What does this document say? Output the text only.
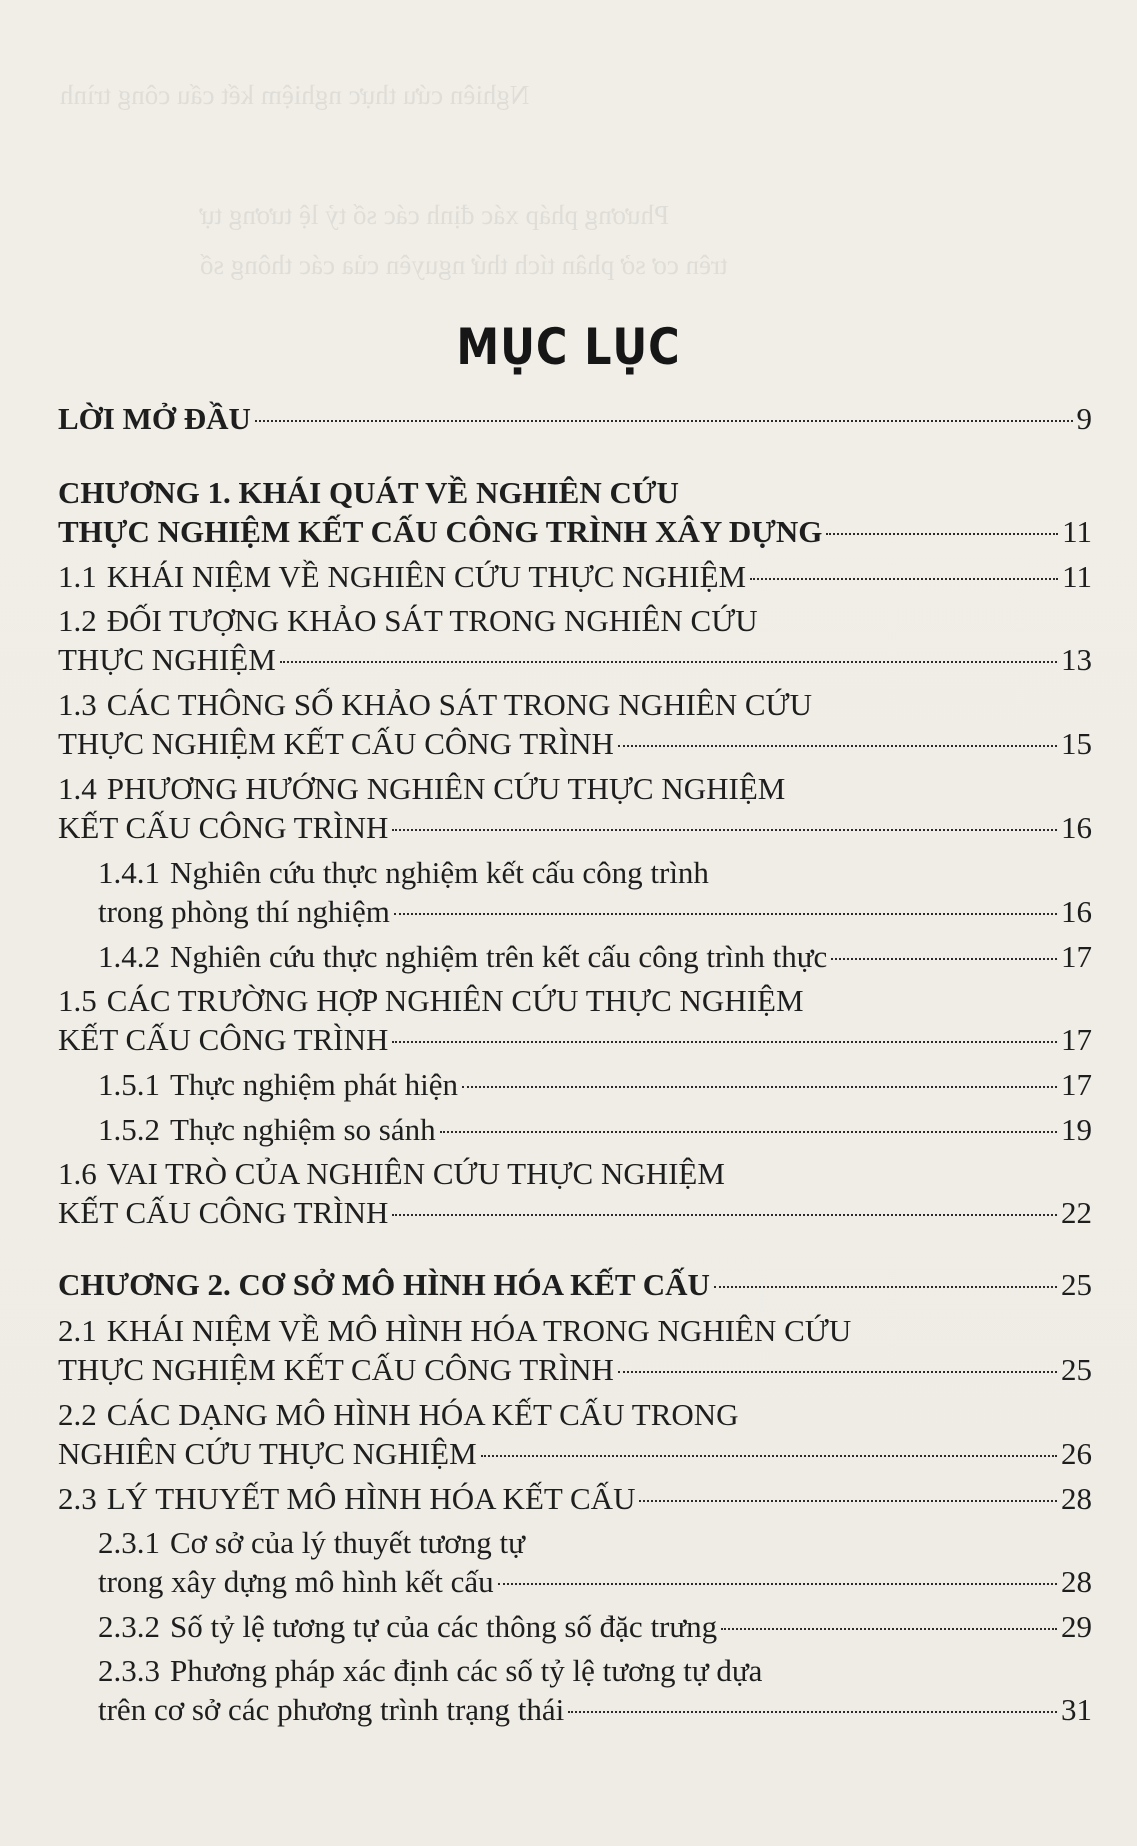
Nghiên cứu thực nghiệm kết cấu công trình
Phương pháp xác định các số tỷ lệ tương tự
trên cơ sở phân tích thứ nguyên của các thông số
MỤC LỤC
LỜI MỞ ĐẦU	9
CHƯƠNG 1. KHÁI QUÁT VỀ NGHIÊN CỨU
THỰC NGHIỆM KẾT CẤU CÔNG TRÌNH XÂY DỰNG	11
1.1 KHÁI NIỆM VỀ NGHIÊN CỨU THỰC NGHIỆM	11
1.2 ĐỐI TƯỢNG KHẢO SÁT TRONG NGHIÊN CỨU
THỰC NGHIỆM	13
1.3 CÁC THÔNG SỐ KHẢO SÁT TRONG NGHIÊN CỨU
THỰC NGHIỆM KẾT CẤU CÔNG TRÌNH	15
1.4 PHƯƠNG HƯỚNG NGHIÊN CỨU THỰC NGHIỆM
KẾT CẤU CÔNG TRÌNH	16
1.4.1 Nghiên cứu thực nghiệm kết cấu công trình
trong phòng thí nghiệm	16
1.4.2 Nghiên cứu thực nghiệm trên kết cấu công trình thực	17
1.5 CÁC TRƯỜNG HỢP NGHIÊN CỨU THỰC NGHIỆM
KẾT CẤU CÔNG TRÌNH	17
1.5.1 Thực nghiệm phát hiện	17
1.5.2 Thực nghiệm so sánh	19
1.6 VAI TRÒ CỦA NGHIÊN CỨU THỰC NGHIỆM
KẾT CẤU CÔNG TRÌNH	22
CHƯƠNG 2. CƠ SỞ MÔ HÌNH HÓA KẾT CẤU	25
2.1 KHÁI NIỆM VỀ MÔ HÌNH HÓA TRONG NGHIÊN CỨU
THỰC NGHIỆM KẾT CẤU CÔNG TRÌNH	25
2.2 CÁC DẠNG MÔ HÌNH HÓA KẾT CẤU TRONG
NGHIÊN CỨU THỰC NGHIỆM	26
2.3 LÝ THUYẾT MÔ HÌNH HÓA KẾT CẤU	28
2.3.1 Cơ sở của lý thuyết tương tự
trong xây dựng mô hình kết cấu	28
2.3.2 Số tỷ lệ tương tự của các thông số đặc trưng	29
2.3.3 Phương pháp xác định các số tỷ lệ tương tự dựa
trên cơ sở các phương trình trạng thái	31
